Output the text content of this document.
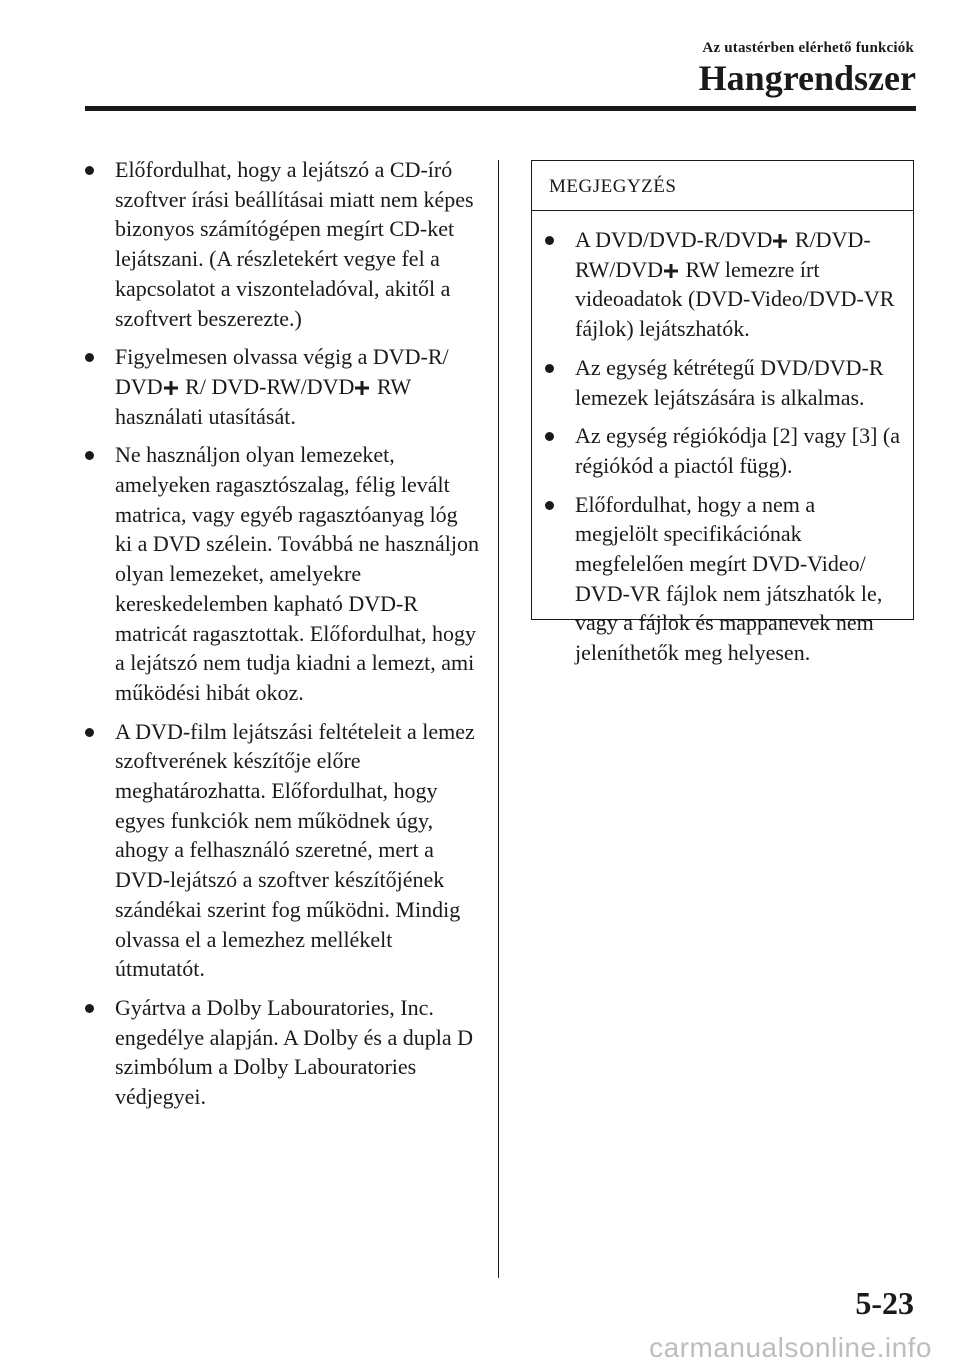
Az utastérben elérhető funkciók
Hangrendszer
Előfordulhat, hogy a lejátszó a CD-író szoftver írási beállításai miatt nem képes bizonyos számítógépen megírt CD-ket lejátszani. (A részletekért vegye fel a kapcsolatot a viszonteladóval, akitől a szoftvert beszerezte.)
Figyelmesen olvassa végig a DVD-R/ DVD R/ DVD-RW/DVD RW használati utasítását.
Ne használjon olyan lemezeket, amelyeken ragasztószalag, félig levált matrica, vagy egyéb ragasztóanyag lóg ki a DVD szélein. Továbbá ne használjon olyan lemezeket, amelyekre kereskedelemben kapható DVD-R matricát ragasztottak. Előfordulhat, hogy a lejátszó nem tudja kiadni a lemezt, ami működési hibát okoz.
A DVD-film lejátszási feltételeit a lemez szoftverének készítője előre meghatározhatta. Előfordulhat, hogy egyes funkciók nem működnek úgy, ahogy a felhasználó szeretné, mert a DVD-lejátszó a szoftver készítőjének szándékai szerint fog működni. Mindig olvassa el a lemezhez mellékelt útmutatót.
Gyártva a Dolby Labouratories, Inc. engedélye alapján. A Dolby és a dupla D szimbólum a Dolby Labouratories védjegyei.
MEGJEGYZÉS
A DVD/DVD-R/DVD R/DVD-RW/DVD RW lemezre írt videoadatok (DVD-Video/DVD-VR fájlok) lejátszhatók.
Az egység kétrétegű DVD/DVD-R lemezek lejátszására is alkalmas.
Az egység régiókódja [2] vagy [3] (a régiókód a piactól függ).
Előfordulhat, hogy a nem a megjelölt specifikációnak megfelelően megírt DVD-Video/ DVD-VR fájlok nem játszhatók le, vagy a fájlok és mappanevek nem jeleníthetők meg helyesen.
5-23
carmanualsonline.info
